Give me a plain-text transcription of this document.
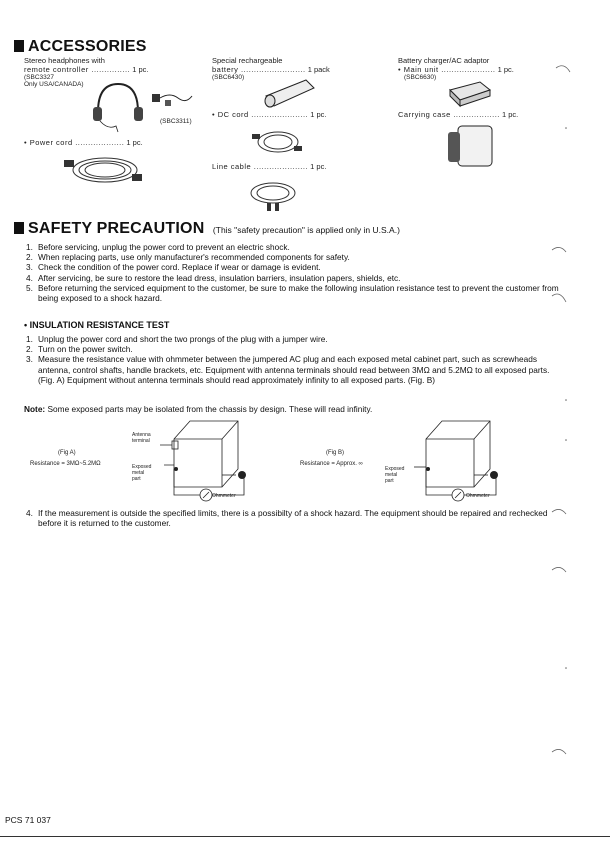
ACCESSORIES
Stereo headphones with
remote controller ............... 1 pc.
(SBC3327
Only USA/CANADA)
(SBC3311)
• Power cord ................... 1 pc.
Special rechargeable
battery ......................... 1 pack
(SBC6430)
• DC cord ...................... 1 pc.
Line cable ..................... 1 pc.
Battery charger/AC adaptor
• Main unit ..................... 1 pc.
(SBC6630)
Carrying case .................. 1 pc.
SAFETY PRECAUTION (This "safety precaution" is applied only in U.S.A.)
1. Before servicing, unplug the power cord to prevent an electric shock.
2. When replacing parts, use only manufacturer's recommended components for safety.
3. Check the condition of the power cord. Replace if wear or damage is evident.
4. After servicing, be sure to restore the lead dress, insulation barriers, insulation papers, shields, etc.
5. Before returning the serviced equipment to the customer, be sure to make the following insulation resistance test to prevent the customer from being exposed to a shock hazard.
• INSULATION RESISTANCE TEST
1. Unplug the power cord and short the two prongs of the plug with a jumper wire.
2. Turn on the power switch.
3. Measure the resistance value with ohmmeter between the jumpered AC plug and each exposed metal cabinet part, such as screwheads antenna, control shafts, handle brackets, etc. Equipment with antenna terminals should read between 3MΩ and 5.2MΩ to all exposed parts. (Fig. A) Equipment without antenna terminals should read approximately infinity to all exposed parts. (Fig. B)
Note: Some exposed parts may be isolated from the chassis by design. These will read infinity.
(Fig A)
Resistance = 3MΩ~5.2MΩ
Antenna
terminal
Exposed
metal
part
Ohmmeter
(Fig B)
Resistance = Approx. ∞
Exposed
metal
part
Ohmmeter
4. If the measurement is outside the specified limits, there is a possibilty of a shock hazard. The equipment should be repaired and rechecked before it is returned to the customer.
PCS 71 037
